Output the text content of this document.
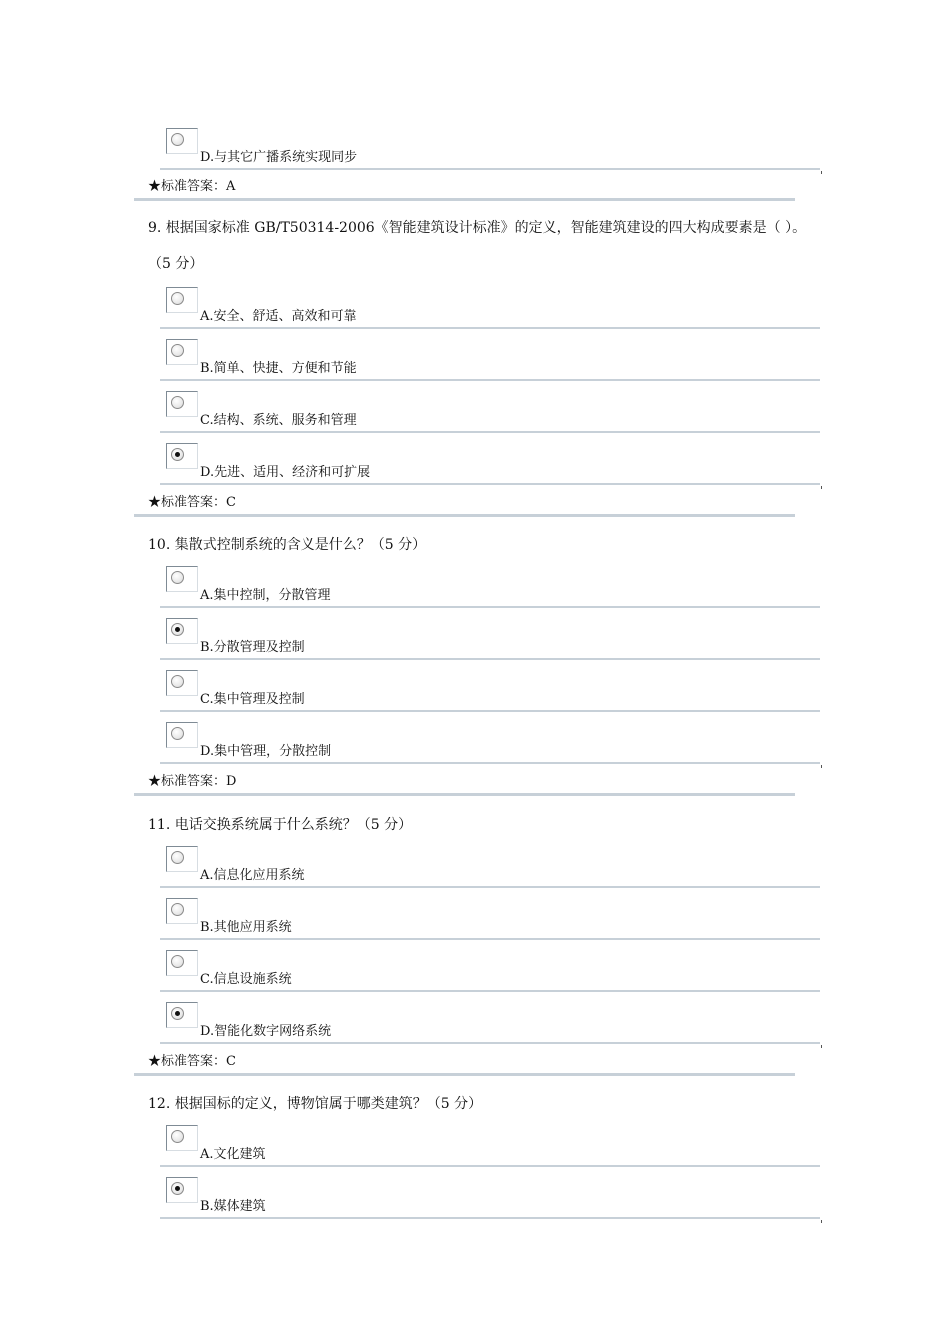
D.与其它广播系统实现同步
★标准答案：A
9. 根据国家标准 GB/T50314-2006《智能建筑设计标准》的定义，智能建筑建设的四大构成要素是（ ）。（5 分）
A.安全、舒适、高效和可靠
B.简单、快捷、方便和节能
C.结构、系统、服务和管理
D.先进、适用、经济和可扩展
★标准答案：C
10. 集散式控制系统的含义是什么？（5 分）
A.集中控制，分散管理
B.分散管理及控制
C.集中管理及控制
D.集中管理，分散控制
★标准答案：D
11. 电话交换系统属于什么系统？（5 分）
A.信息化应用系统
B.其他应用系统
C.信息设施系统
D.智能化数字网络系统
★标准答案：C
12. 根据国标的定义，博物馆属于哪类建筑？（5 分）
A.文化建筑
B.媒体建筑
